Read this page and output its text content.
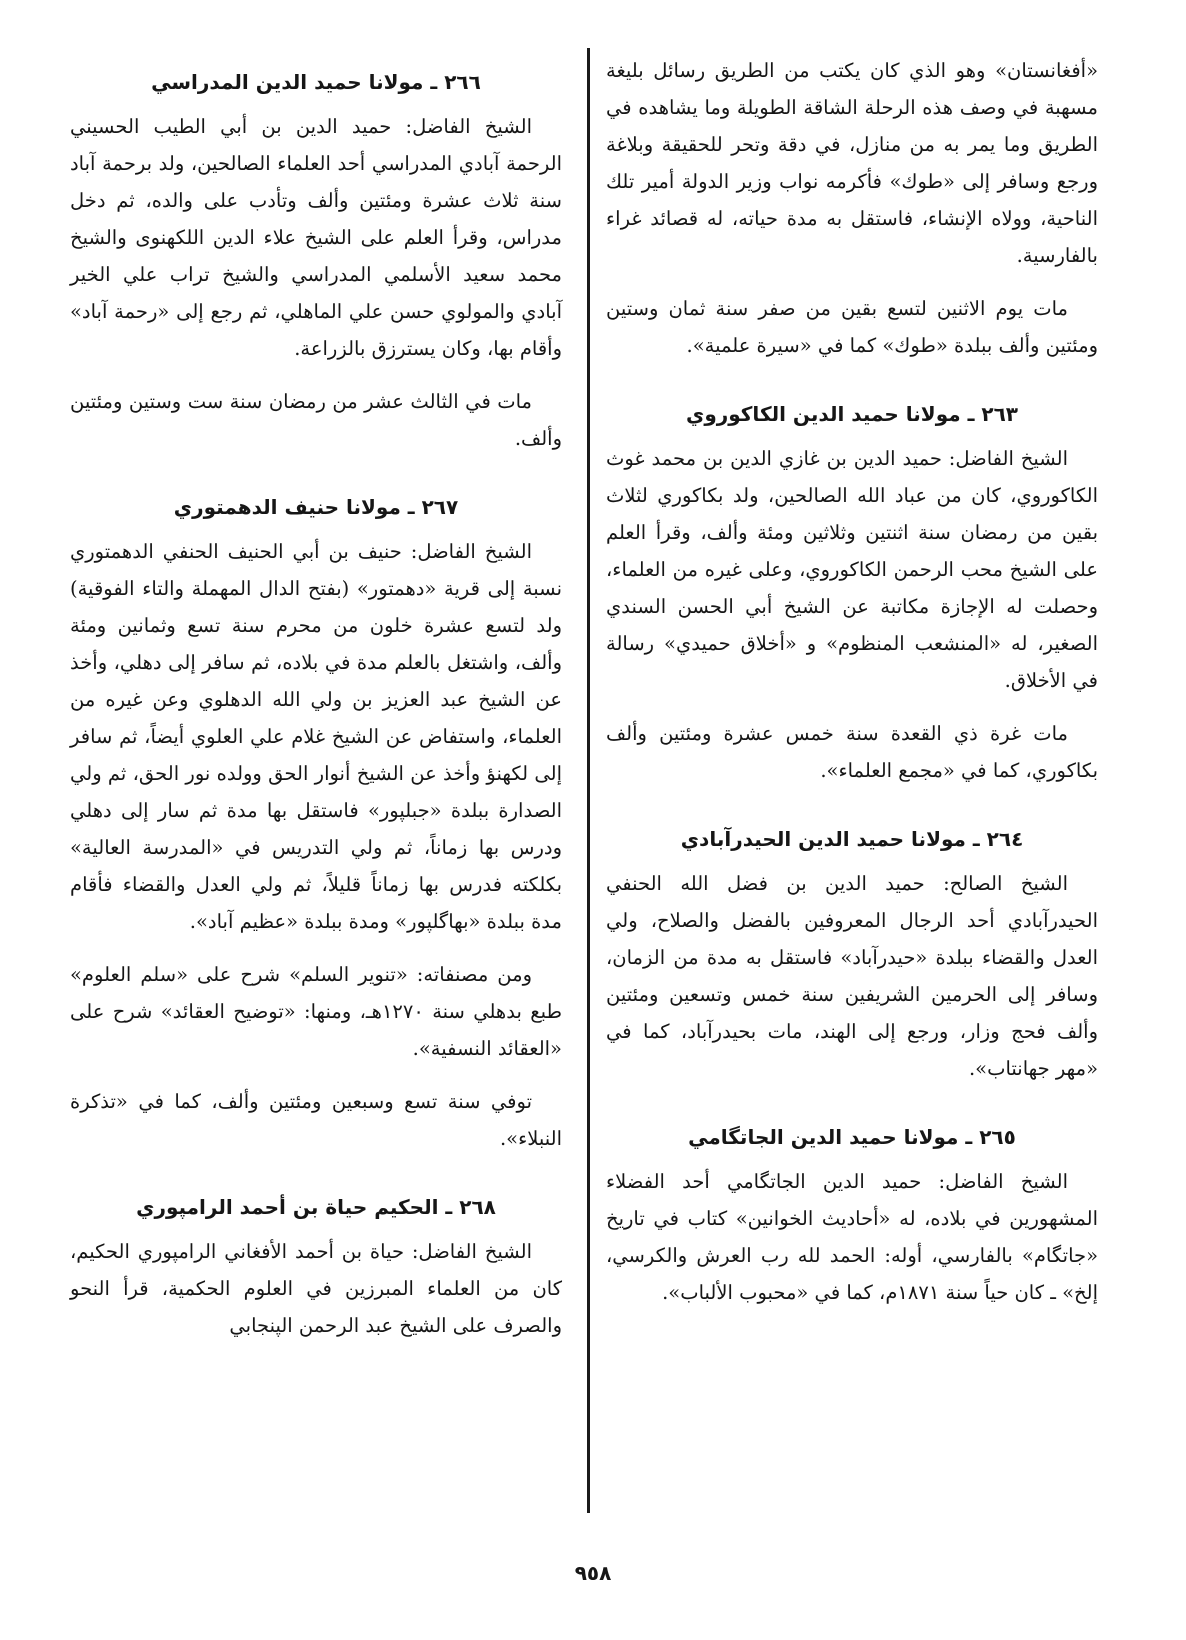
«أفغانستان» وهو الذي كان يكتب من الطريق رسائل بليغة مسهبة في وصف هذه الرحلة الشاقة الطويلة وما يشاهده في الطريق وما يمر به من منازل، في دقة وتحر للحقيقة وبلاغة ورجع وسافر إلى «طوك» فأكرمه نواب وزير الدولة أمير تلك الناحية، وولاه الإنشاء، فاستقل به مدة حياته، له قصائد غراء بالفارسية.

مات يوم الاثنين لتسع بقين من صفر سنة ثمان وستين ومئتين وألف ببلدة «طوك» كما في «سيرة علمية».

٢٦٣ ـ مولانا حميد الدين الكاكوروي

الشيخ الفاضل: حميد الدين بن غازي الدين بن محمد غوث الكاكوروي، كان من عباد الله الصالحين، ولد بكاكوري لثلاث بقين من رمضان سنة اثنتين وثلاثين ومئة وألف، وقرأ العلم على الشيخ محب الرحمن الكاكوروي، وعلى غيره من العلماء، وحصلت له الإجازة مكاتبة عن الشيخ أبي الحسن السندي الصغير، له «المنشعب المنظوم» و «أخلاق حميدي» رسالة في الأخلاق.

مات غرة ذي القعدة سنة خمس عشرة ومئتين وألف بكاكوري، كما في «مجمع العلماء».

٢٦٤ ـ مولانا حميد الدين الحيدرآبادي

الشيخ الصالح: حميد الدين بن فضل الله الحنفي الحيدرآبادي أحد الرجال المعروفين بالفضل والصلاح، ولي العدل والقضاء ببلدة «حيدرآباد» فاستقل به مدة من الزمان، وسافر إلى الحرمين الشريفين سنة خمس وتسعين ومئتين وألف فحج وزار، ورجع إلى الهند، مات بحيدرآباد، كما في «مهر جهانتاب».

٢٦٥ ـ مولانا حميد الدين الجاتگامي

الشيخ الفاضل: حميد الدين الجاتگامي أحد الفضلاء المشهورين في بلاده، له «أحاديث الخوانين» كتاب في تاريخ «جاتگام» بالفارسي، أوله: الحمد لله رب العرش والكرسي، إلخ» ـ كان حياً سنة ١٨٧١م، كما في «محبوب الألباب».

٢٦٦ ـ مولانا حميد الدين المدراسي

الشيخ الفاضل: حميد الدين بن أبي الطيب الحسيني الرحمة آبادي المدراسي أحد العلماء الصالحين، ولد برحمة آباد سنة ثلاث عشرة ومئتين وألف وتأدب على والده، ثم دخل مدراس، وقرأ العلم على الشيخ علاء الدين اللكهنوى والشيخ محمد سعيد الأسلمي المدراسي والشيخ تراب علي الخير آبادي والمولوي حسن علي الماهلي، ثم رجع إلى «رحمة آباد» وأقام بها، وكان يسترزق بالزراعة.

مات في الثالث عشر من رمضان سنة ست وستين ومئتين وألف.

٢٦٧ ـ مولانا حنيف الدهمتوري

الشيخ الفاضل: حنيف بن أبي الحنيف الحنفي الدهمتوري نسبة إلى قرية «دهمتور» (بفتح الدال المهملة والتاء الفوقية) ولد لتسع عشرة خلون من محرم سنة تسع وثمانين ومئة وألف، واشتغل بالعلم مدة في بلاده، ثم سافر إلى دهلي، وأخذ عن الشيخ عبد العزيز بن ولي الله الدهلوي وعن غيره من العلماء، واستفاض عن الشيخ غلام علي العلوي أيضاً، ثم سافر إلى لكهنؤ وأخذ عن الشيخ أنوار الحق وولده نور الحق، ثم ولي الصدارة ببلدة «جبلپور» فاستقل بها مدة ثم سار إلى دهلي ودرس بها زماناً، ثم ولي التدريس في «المدرسة العالية» بكلكته فدرس بها زماناً قليلاً، ثم ولي العدل والقضاء فأقام مدة ببلدة «بهاگلپور» ومدة ببلدة «عظيم آباد».

ومن مصنفاته: «تنوير السلم» شرح على «سلم العلوم» طبع بدهلي سنة ١٢٧٠هـ، ومنها: «توضيح العقائد» شرح على «العقائد النسفية».

توفي سنة تسع وسبعين ومئتين وألف، كما في «تذكرة النبلاء».

٢٦٨ ـ الحكيم حياة بن أحمد الرامپوري

الشيخ الفاضل: حياة بن أحمد الأفغاني الرامپوري الحكيم، كان من العلماء المبرزين في العلوم الحكمية، قرأ النحو والصرف على الشيخ عبد الرحمن الپنجابي

٩٥٨
